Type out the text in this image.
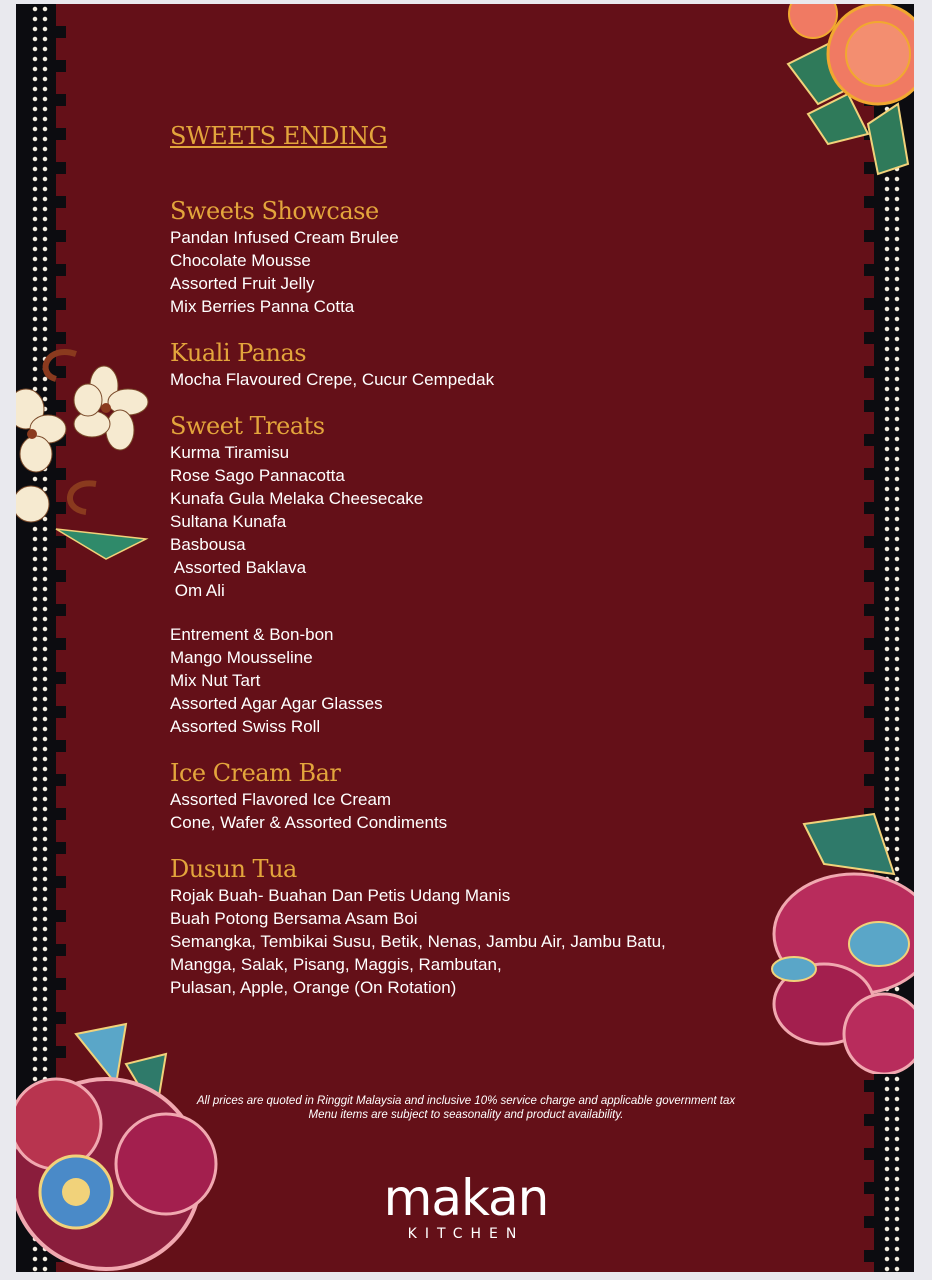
SWEETS ENDING
Sweets Showcase
Pandan Infused Cream Brulee
Chocolate Mousse
Assorted Fruit Jelly
Mix Berries Panna Cotta
Kuali Panas
Mocha Flavoured Crepe, Cucur Cempedak
Sweet Treats
Kurma Tiramisu
Rose Sago Pannacotta
Kunafa Gula Melaka Cheesecake
Sultana Kunafa
Basbousa
Assorted Baklava
Om Ali
Entrement & Bon-bon
Mango Mousseline
Mix Nut Tart
Assorted Agar Agar Glasses
Assorted Swiss Roll
Ice Cream Bar
Assorted Flavored Ice Cream
Cone, Wafer & Assorted Condiments
Dusun Tua
Rojak Buah- Buahan Dan Petis Udang Manis
Buah Potong Bersama Asam Boi
Semangka, Tembikai Susu, Betik, Nenas, Jambu Air, Jambu Batu,
Mangga, Salak, Pisang, Maggis, Rambutan,
Pulasan, Apple, Orange (On Rotation)
All prices are quoted in Ringgit Malaysia and inclusive 10% service charge and applicable government tax
Menu items are subject to seasonality and product availability.
makan
KITCHEN
